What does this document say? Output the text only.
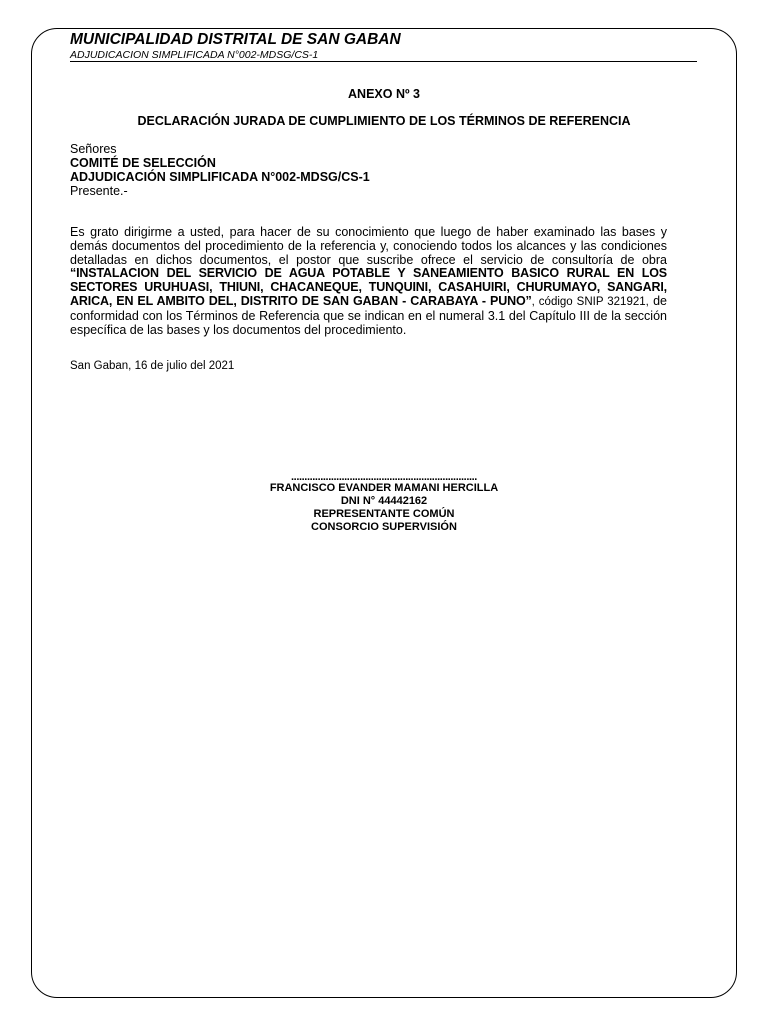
MUNICIPALIDAD DISTRITAL DE SAN GABAN
ADJUDICACION SIMPLIFICADA N°002-MDSG/CS-1
ANEXO Nº 3
DECLARACIÓN JURADA DE CUMPLIMIENTO DE LOS TÉRMINOS DE REFERENCIA
Señores
COMITÉ DE SELECCIÓN
ADJUDICACIÓN SIMPLIFICADA N°002-MDSG/CS-1
Presente.-
Es grato dirigirme a usted, para hacer de su conocimiento que luego de haber examinado las bases y demás documentos del procedimiento de la referencia y, conociendo todos los alcances y las condiciones detalladas en dichos documentos, el postor que suscribe ofrece el servicio de consultoría de obra “INSTALACION DEL SERVICIO DE AGUA POTABLE Y SANEAMIENTO BASICO RURAL EN LOS SECTORES URUHUASI, THIUNI, CHACANEQUE, TUNQUINI, CASAHUIRI, CHURUMAYO, SANGARI, ARICA, EN EL AMBITO DEL, DISTRITO DE SAN GABAN - CARABAYA - PUNO”, código SNIP 321921, de conformidad con los Términos de Referencia que se indican en el numeral 3.1 del Capítulo III de la sección específica de las bases y los documentos del procedimiento.
San Gaban, 16 de julio del 2021
......................................................................
FRANCISCO EVANDER MAMANI HERCILLA
DNI N° 44442162
REPRESENTANTE COMÚN
CONSORCIO SUPERVISIÓN
